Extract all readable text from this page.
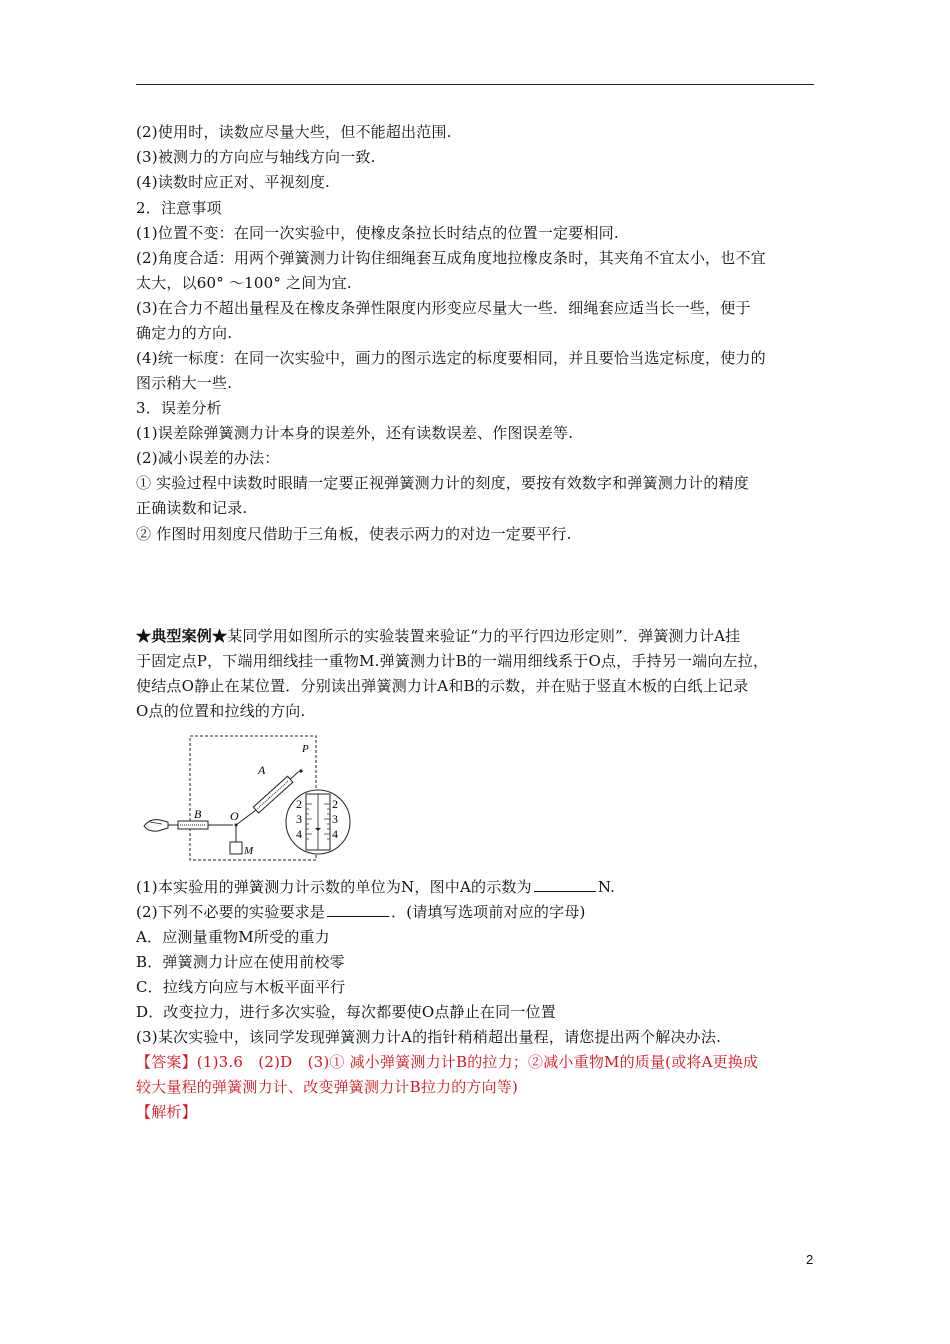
(2)使用时，读数应尽量大些，但不能超出范围.
(3)被测力的方向应与轴线方向一致.
(4)读数时应正对、平视刻度.
2．注意事项
(1)位置不变：在同一次实验中，使橡皮条拉长时结点的位置一定要相同.
(2)角度合适：用两个弹簧测力计钩住细绳套互成角度地拉橡皮条时，其夹角不宜太小，也不宜
太大，以60° ～100° 之间为宜.
(3)在合力不超出量程及在橡皮条弹性限度内形变应尽量大一些．细绳套应适当长一些，便于
确定力的方向.
(4)统一标度：在同一次实验中，画力的图示选定的标度要相同，并且要恰当选定标度，使力的
图示稍大一些.
3．误差分析
(1)误差除弹簧测力计本身的误差外，还有读数误差、作图误差等.
(2)减小误差的办法：
① 实验过程中读数时眼睛一定要正视弹簧测力计的刻度，要按有效数字和弹簧测力计的精度
正确读数和记录.
② 作图时用刻度尺借助于三角板，使表示两力的对边一定要平行.
★典型案例★某同学用如图所示的实验装置来验证“力的平行四边形定则”．弹簧测力计A挂
于固定点P，下端用细线挂一重物M.弹簧测力计B的一端用细线系于O点，手持另一端向左拉，
使结点O静止在某位置．分别读出弹簧测力计A和B的示数，并在贴于竖直木板的白纸上记录
O点的位置和拉线的方向.
2
3
4
2
3
4
B O
A
P
M
(1)本实验用的弹簧测力计示数的单位为N，图中A的示数为	N.
(2)下列不必要的实验要求是	．(请填写选项前对应的字母)
A．应测量重物M所受的重力
B．弹簧测力计应在使用前校零
C．拉线方向应与木板平面平行
D．改变拉力，进行多次实验，每次都要使O点静止在同一位置
(3)某次实验中，该同学发现弹簧测力计A的指针稍稍超出量程，请您提出两个解决办法.
【答案】(1)3.6　(2)D　(3)① 减小弹簧测力计B的拉力；②减小重物M的质量(或将A更换成
较大量程的弹簧测力计、改变弹簧测力计B拉力的方向等)
【解析】
2
